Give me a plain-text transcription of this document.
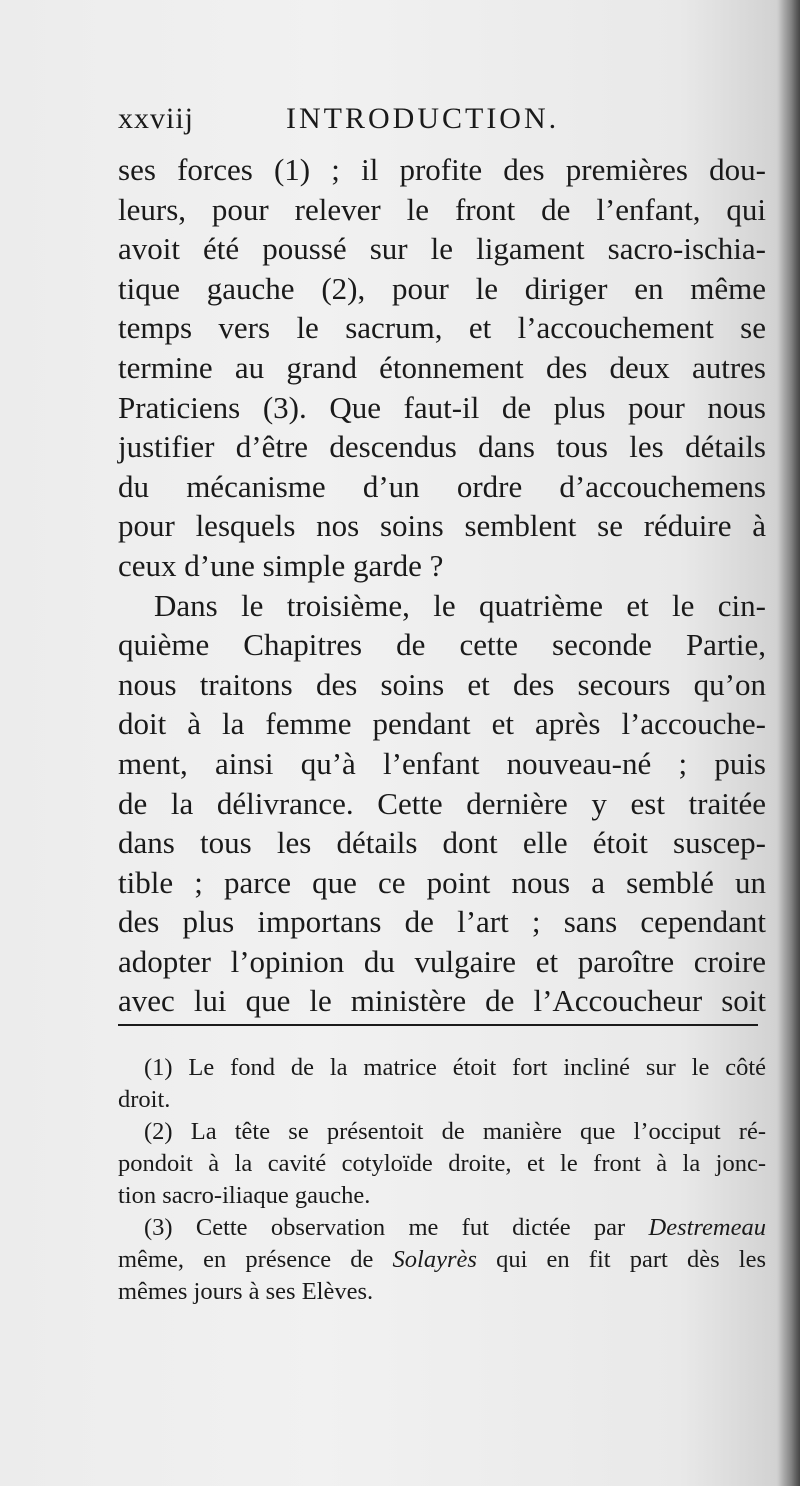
xxviij	INTRODUCTION.
ses forces (1) ; il profite des premières dou-
leurs, pour relever le front de l’enfant, qui
avoit été poussé sur le ligament sacro-ischia-
tique gauche (2), pour le diriger en même
temps vers le sacrum, et l’accouchement se
termine au grand étonnement des deux autres
Praticiens (3). Que faut-il de plus pour nous
justifier d’être descendus dans tous les détails
du mécanisme d’un ordre d’accouchemens
pour lesquels nos soins semblent se réduire à
ceux d’une simple garde ?
Dans le troisième, le quatrième et le cin-
quième Chapitres de cette seconde Partie,
nous traitons des soins et des secours qu’on
doit à la femme pendant et après l’accouche-
ment, ainsi qu’à l’enfant nouveau-né ; puis
de la délivrance. Cette dernière y est traitée
dans tous les détails dont elle étoit suscep-
tible ; parce que ce point nous a semblé un
des plus importans de l’art ; sans cependant
adopter l’opinion du vulgaire et paroître croire
avec lui que le ministère de l’Accoucheur soit
(1) Le fond de la matrice étoit fort incliné sur le côté
droit.
(2) La tête se présentoit de manière que l’occiput ré-
pondoit à la cavité cotyloïde droite, et le front à la jonc-
tion sacro-iliaque gauche.
(3) Cette observation me fut dictée par Destremeau
même, en présence de Solayrès qui en fit part dès les
mêmes jours à ses Elèves.
